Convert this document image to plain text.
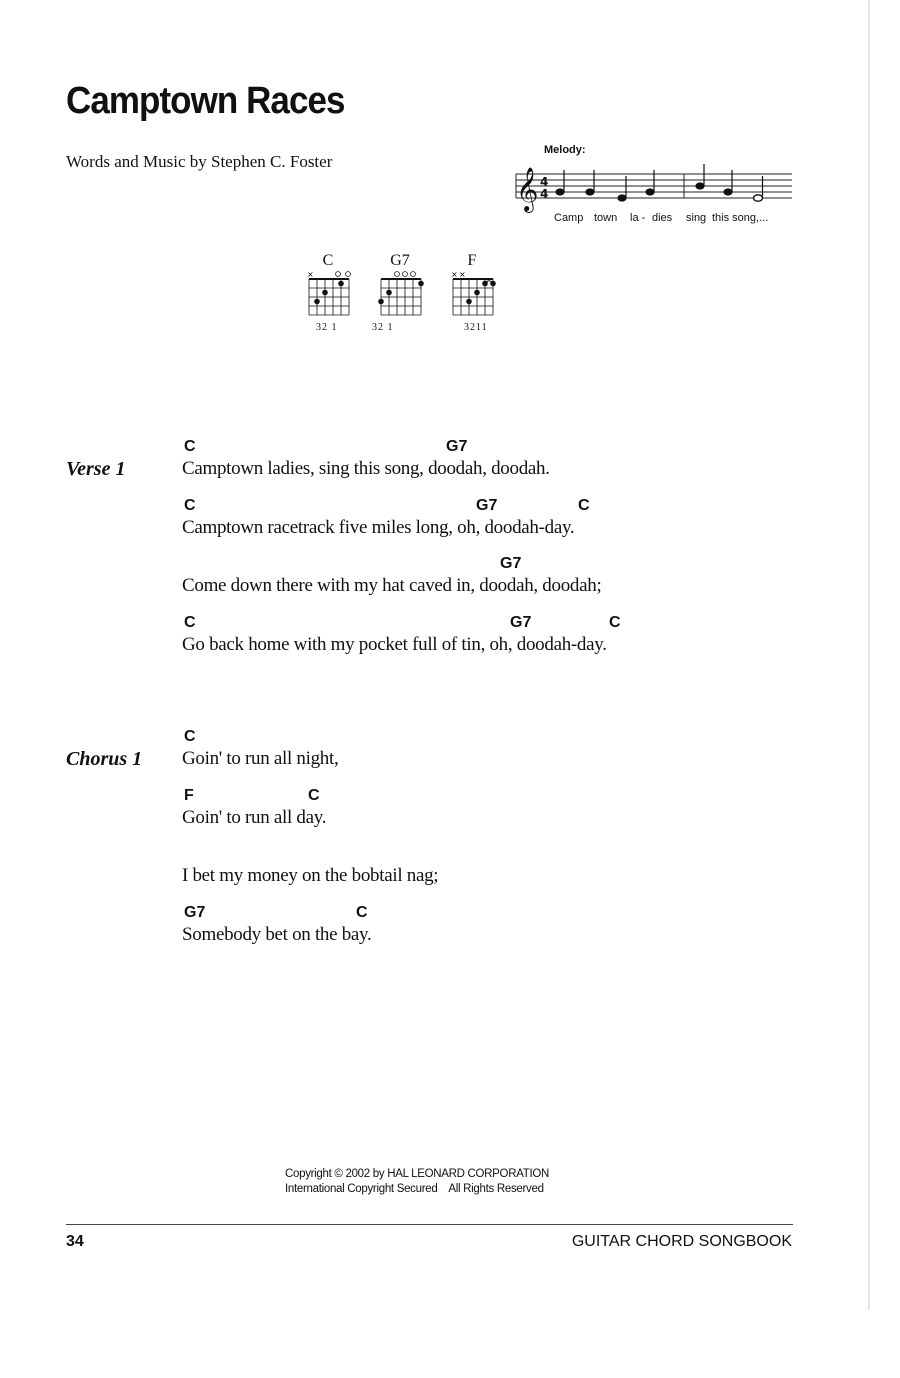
Camptown Races
Words and Music by Stephen C. Foster
𝄞 4
4
Melody:
Camp town la - dies sing this song,...
C
×
32 1
G7
32 1
F
× ×
3211
Verse 1
C	G7
Camptown ladies, sing this song, doodah, doodah.
C	G7	C
Camptown racetrack five miles long, oh, doodah-day.
G7
Come down there with my hat caved in, doodah, doodah;
C	G7	C
Go back home with my pocket full of tin, oh, doodah-day.
Chorus 1
C
Goin' to run all night,
F	C
Goin' to run all day.
I bet my money on the bobtail nag;
G7	C
Somebody bet on the bay.
Copyright © 2002 by HAL LEONARD CORPORATION
International Copyright Secured    All Rights Reserved
34	GUITAR CHORD SONGBOOK
